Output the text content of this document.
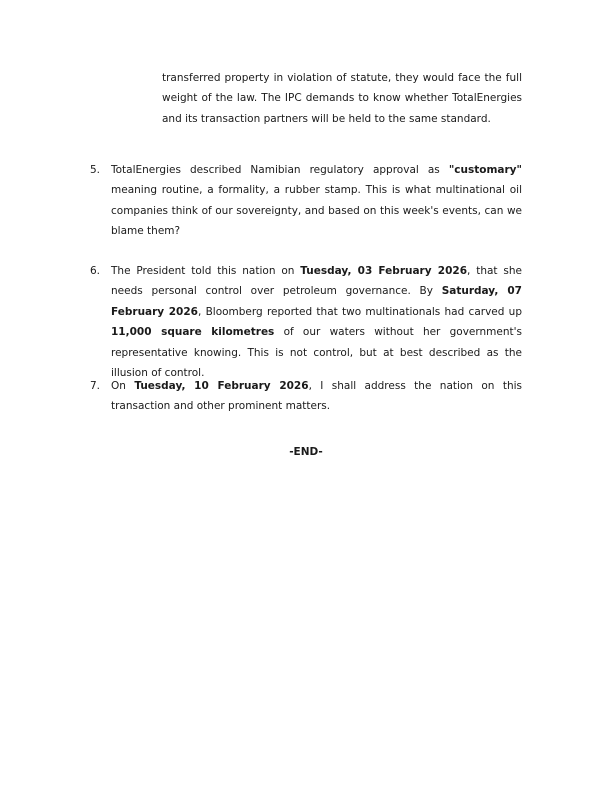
transferred property in violation of statute, they would face the full weight of the law. The IPC demands to know whether TotalEnergies and its transaction partners will be held to the same standard.

5.	TotalEnergies described Namibian regulatory approval as "customary" meaning routine, a formality, a rubber stamp. This is what multinational oil companies think of our sovereignty, and based on this week's events, can we blame them?
6.	The President told this nation on Tuesday, 03 February 2026, that she needs personal control over petroleum governance. By Saturday, 07 February 2026, Bloomberg reported that two multinationals had carved up 11,000 square kilometres of our waters without her government's representative knowing. This is not control, but at best described as the illusion of control.
7.	On Tuesday, 10 February 2026, I shall address the nation on this transaction and other prominent matters.
-END-
